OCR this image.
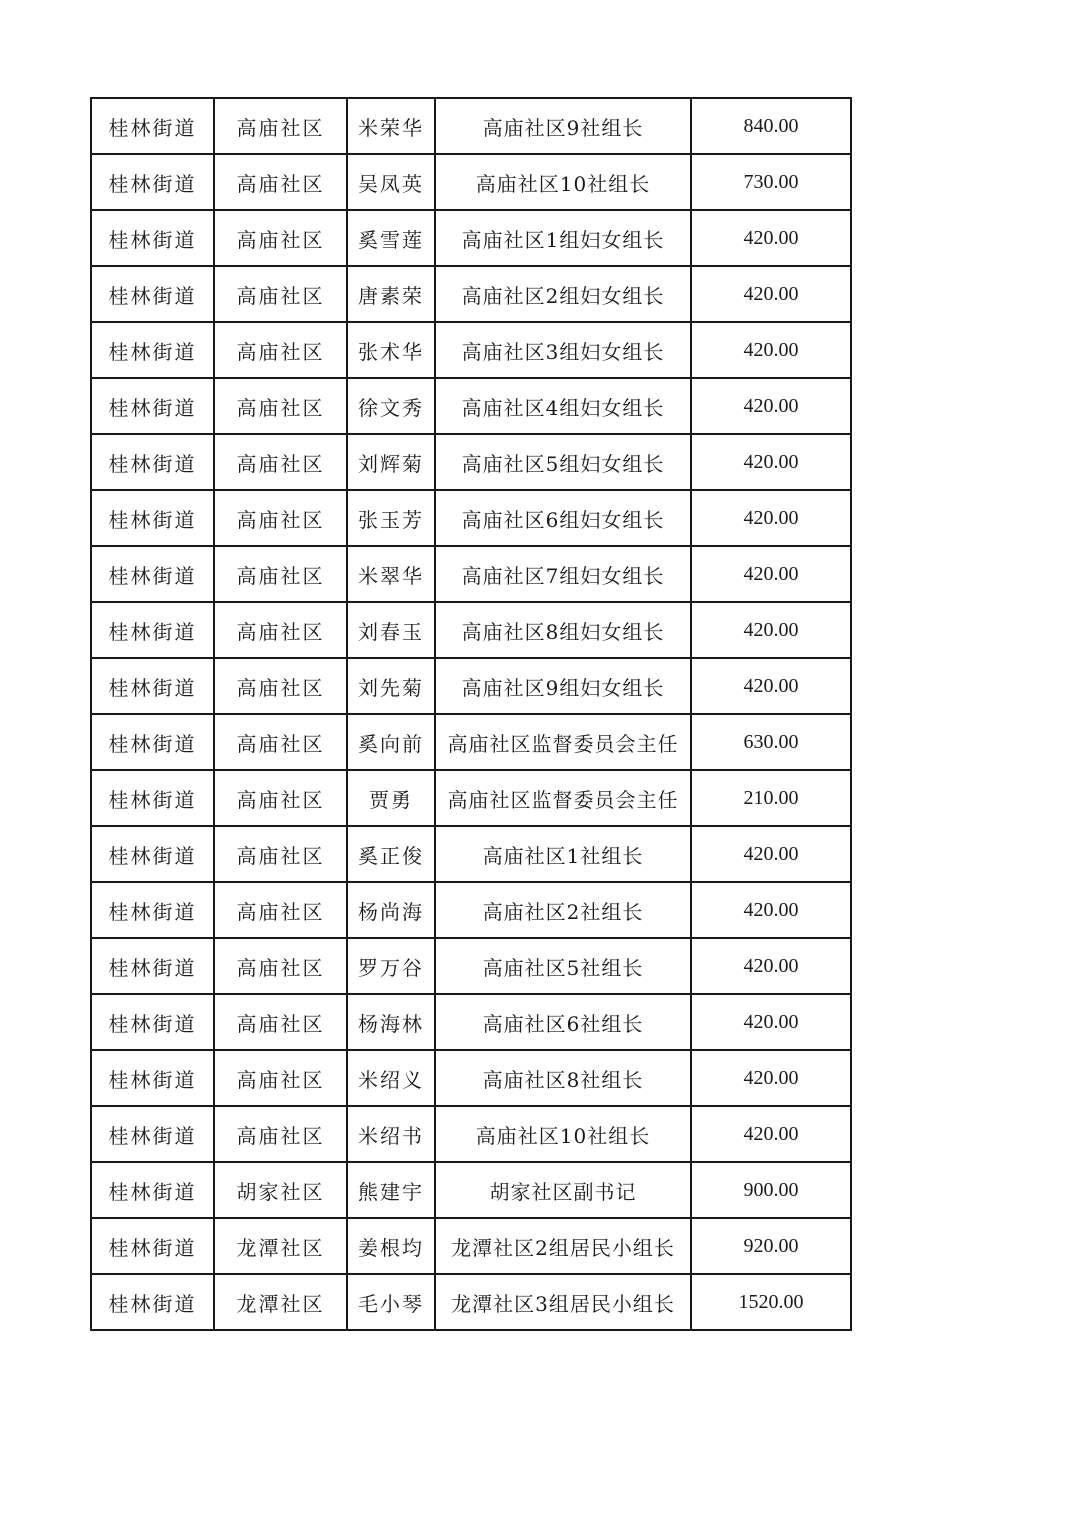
桂林街道	高庙社区	米荣华	高庙社区9社组长	840.00
桂林街道	高庙社区	吴凤英	高庙社区10社组长	730.00
桂林街道	高庙社区	奚雪莲	高庙社区1组妇女组长	420.00
桂林街道	高庙社区	唐素荣	高庙社区2组妇女组长	420.00
桂林街道	高庙社区	张术华	高庙社区3组妇女组长	420.00
桂林街道	高庙社区	徐文秀	高庙社区4组妇女组长	420.00
桂林街道	高庙社区	刘辉菊	高庙社区5组妇女组长	420.00
桂林街道	高庙社区	张玉芳	高庙社区6组妇女组长	420.00
桂林街道	高庙社区	米翠华	高庙社区7组妇女组长	420.00
桂林街道	高庙社区	刘春玉	高庙社区8组妇女组长	420.00
桂林街道	高庙社区	刘先菊	高庙社区9组妇女组长	420.00
桂林街道	高庙社区	奚向前	高庙社区监督委员会主任	630.00
桂林街道	高庙社区	贾勇	高庙社区监督委员会主任	210.00
桂林街道	高庙社区	奚正俊	高庙社区1社组长	420.00
桂林街道	高庙社区	杨尚海	高庙社区2社组长	420.00
桂林街道	高庙社区	罗万谷	高庙社区5社组长	420.00
桂林街道	高庙社区	杨海林	高庙社区6社组长	420.00
桂林街道	高庙社区	米绍义	高庙社区8社组长	420.00
桂林街道	高庙社区	米绍书	高庙社区10社组长	420.00
桂林街道	胡家社区	熊建宇	胡家社区副书记	900.00
桂林街道	龙潭社区	姜根均	龙潭社区2组居民小组长	920.00
桂林街道	龙潭社区	毛小琴	龙潭社区3组居民小组长	1520.00
